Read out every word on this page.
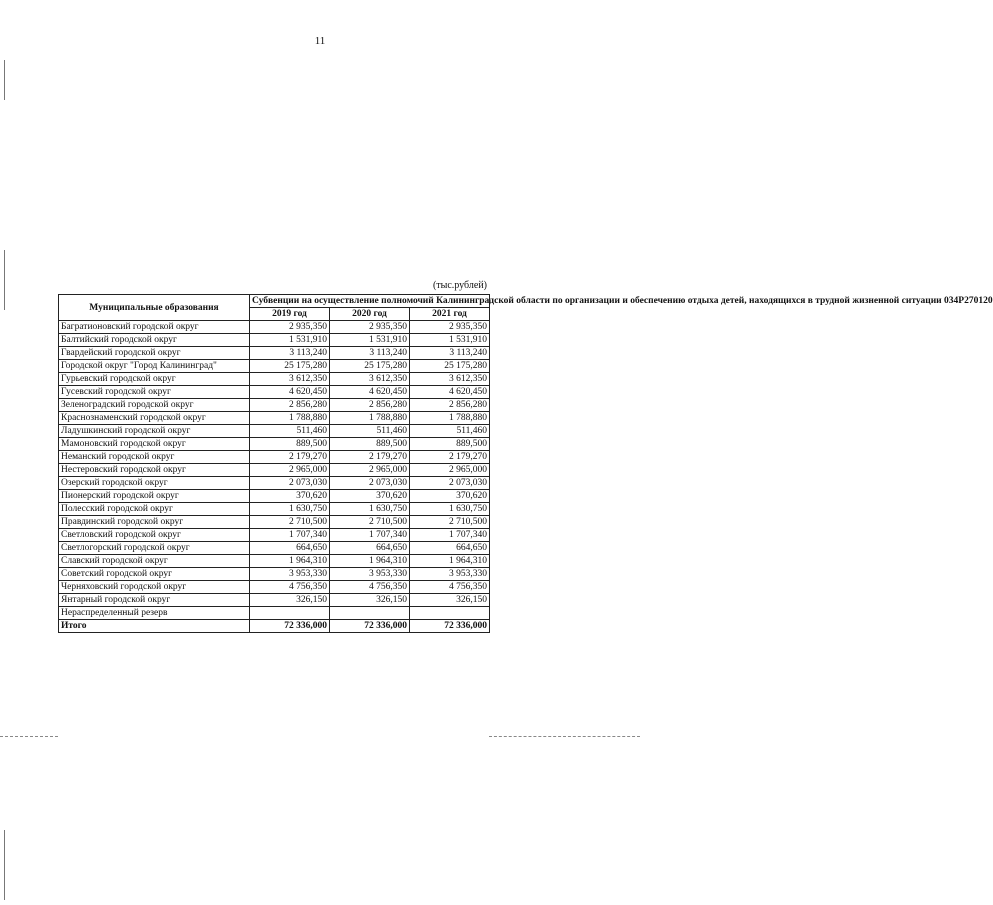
11
(тыс.рублей)
Муниципальные образования	Субвенции на осуществление полномочий Калининградской области по организации и обеспечению отдыха детей, находящихся в трудной жизненной ситуации 034Р270120		
	2019 год	2020 год	2021 год
Багратионовский городской округ	2 935,350	2 935,350	2 935,350
Балтийский городской округ	1 531,910	1 531,910	1 531,910
Гвардейский городской округ	3 113,240	3 113,240	3 113,240
Городской округ "Город Калининград"	25 175,280	25 175,280	25 175,280
Гурьевский городской округ	3 612,350	3 612,350	3 612,350
Гусевский городской округ	4 620,450	4 620,450	4 620,450
Зеленоградский городской округ	2 856,280	2 856,280	2 856,280
Краснознаменский городской округ	1 788,880	1 788,880	1 788,880
Ладушкинский городской округ	511,460	511,460	511,460
Мамоновский городской округ	889,500	889,500	889,500
Неманский городской округ	2 179,270	2 179,270	2 179,270
Нестеровский городской округ	2 965,000	2 965,000	2 965,000
Озерский городской округ	2 073,030	2 073,030	2 073,030
Пионерский городской округ	370,620	370,620	370,620
Полесский городской округ	1 630,750	1 630,750	1 630,750
Правдинский городской округ	2 710,500	2 710,500	2 710,500
Светловский городской округ	1 707,340	1 707,340	1 707,340
Светлогорский городской округ	664,650	664,650	664,650
Славский городской округ	1 964,310	1 964,310	1 964,310
Советский городской округ	3 953,330	3 953,330	3 953,330
Черняховский городской округ	4 756,350	4 756,350	4 756,350
Янтарный городской округ	326,150	326,150	326,150
Нераспределенный резерв			
Итого	72 336,000	72 336,000	72 336,000
